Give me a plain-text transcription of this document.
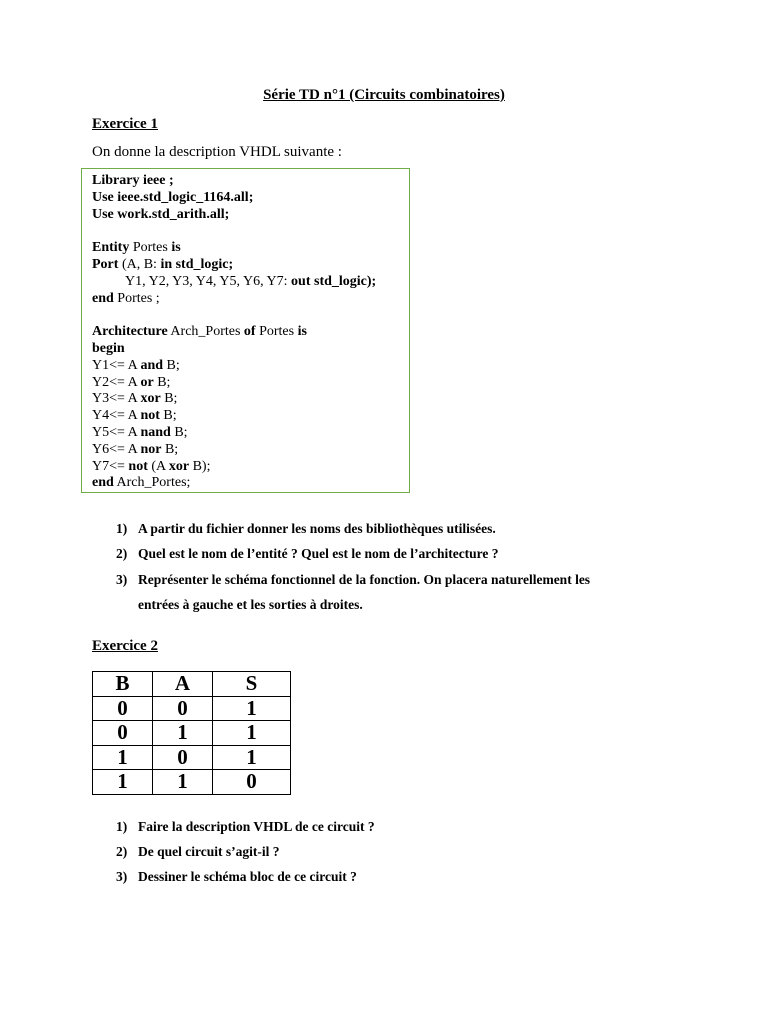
Série TD n°1 (Circuits combinatoires)
Exercice 1
On donne la description VHDL suivante :
Library ieee ;
Use ieee.std_logic_1164.all;
Use work.std_arith.all;
Entity Portes is
Port (A, B: in std_logic;
Y1, Y2, Y3, Y4, Y5, Y6, Y7: out std_logic);
end Portes ;
Architecture Arch_Portes of Portes is
begin
Y1<= A and B;
Y2<= A or B;
Y3<= A xor B;
Y4<= A not B;
Y5<= A nand B;
Y6<= A nor B;
Y7<= not (A xor B);
end Arch_Portes;
1) A partir du fichier donner les noms des bibliothèques utilisées.
2) Quel est le nom de l’entité ? Quel est le nom de l’architecture ?
3) Représenter le schéma fonctionnel de la fonction. On placera naturellement les
entrées à gauche et les sorties à droites.
Exercice 2
B	A	S
0	0	1
0	1	1
1	0	1
1	1	0
1) Faire la description VHDL de ce circuit ?
2) De quel circuit s’agit-il ?
3) Dessiner le schéma bloc de ce circuit ?
